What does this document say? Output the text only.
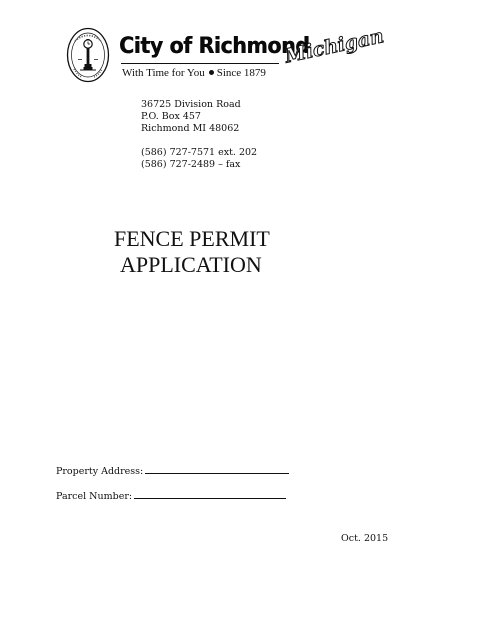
City of Richmond
Michigan
With Time for You Since 1879
36725 Division Road
P.O. Box 457
Richmond MI 48062
(586) 727-7571 ext. 202
(586) 727-2489 – fax
FENCE PERMIT
APPLICATION
Property Address:
Parcel Number:
Oct. 2015
